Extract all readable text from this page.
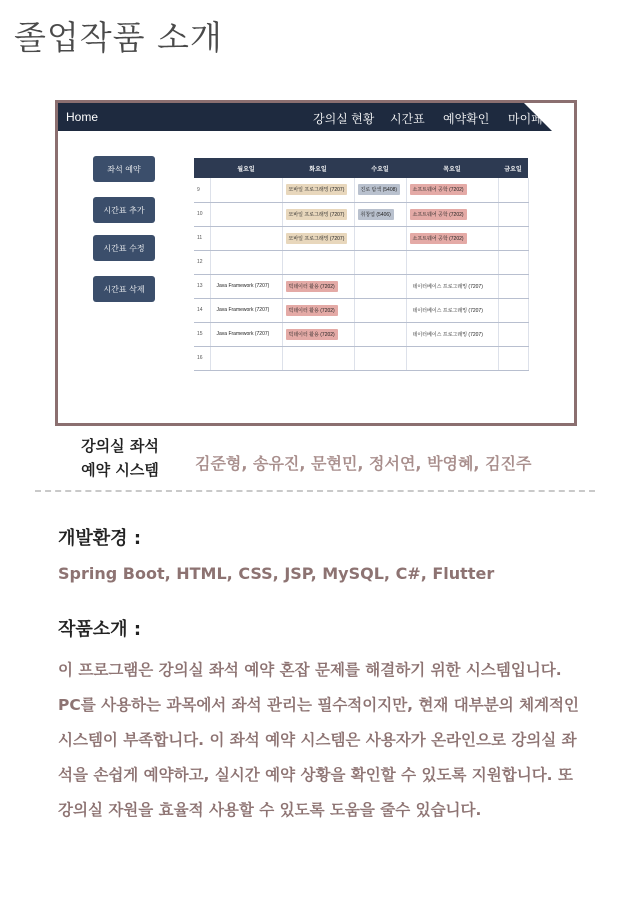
졸업작품 소개
Home	강의실 현황 시간표 예약확인 마이페
좌석 예약
시간표 추가
시간표 수정
시간표 삭제
	월요일	화요일	수요일	목요일	금요일
9		모바일 프로그래밍 (7207)	진로 탐색 (5408)	소프트웨어 공학 (7202)	
10		모바일 프로그래밍 (7207)	취창업 (5406)	소프트웨어 공학 (7202)	
11		모바일 프로그래밍 (7207)		소프트웨어 공학 (7202)	
12					
13	Java Framework (7207)	빅데이터 활용 (7202)		데이터베이스 프로그래밍 (7207)	
14	Java Framework (7207)	빅데이터 활용 (7202)		데이터베이스 프로그래밍 (7207)	
15	Java Framework (7207)	빅데이터 활용 (7202)		데이터베이스 프로그래밍 (7207)	
16					
강의실 좌석
예약 시스템	김준형, 송유진, 문현민, 정서연, 박영혜, 김진주
개발환경 :
Spring Boot, HTML, CSS, JSP, MySQL, C#, Flutter
작품소개 :
이 프로그램은 강의실 좌석 예약 혼잡 문제를 해결하기 위한 시스템입니다. PC를 사용하는 과목에서 좌석 관리는 필수적이지만, 현재 대부분의 체계적인 시스템이 부족합니다. 이 좌석 예약 시스템은 사용자가 온라인으로 강의실 좌석을 손쉽게 예약하고, 실시간 예약 상황을 확인할 수 있도록 지원합니다. 또 강의실 자원을 효율적 사용할 수 있도록 도움을 줄수 있습니다.
